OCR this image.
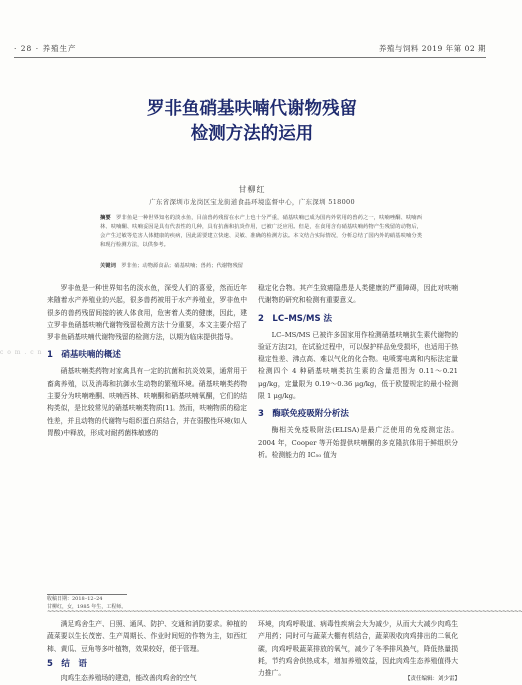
· 28 · 养殖生产	养殖与饲料 2019 年第 02 期
罗非鱼硝基呋喃代谢物残留
检测方法的运用
甘柳红
广东省深圳市龙岗区宝龙街道食品环境监督中心，广东深圳 518000
摘要　 罗非鱼是一种世界知名的淡水鱼，目前兽药残留在水产上也十分严重，硝基呋喃已成为国内外常用的兽药之一，呋喃唑酮、呋喃西林、呋喃酮、呋喃妥因是具有代表性的几种，具有抗菌和抗炎作用，已被广泛应用。但是，在食用含有硝基呋喃药物产生残留的动物后，会产生过敏等危害人体健康的疾病，因此需要建立快速、灵敏、准确的检测方法。本文结合实际情况，分析总结了国内外的硝基呋喃分类和现行检测方法，以供参考。
关键词　 罗非鱼；动物源食品；硝基呋喃；兽药；代谢物残留
c o m . c n

罗非鱼是一种世界知名的淡水鱼，深受人们的喜爱，然而近年来随着水产养殖业的兴起，很多兽药被用于水产养殖业，罗非鱼中很多的兽药残留间接的被人体食用，危害着人类的健康，因此，建立罗非鱼硝基呋喃代谢物残留检测方法十分重要，本文主要介绍了罗非鱼硝基呋喃代谢物残留的检测方法，以期为临床提供指导。

1　硝基呋喃的概述

硝基呋喃类药物对家禽具有一定的抗菌和抗炎效果，通常用于畜禽养殖，以及消毒和抗御水生动物的繁殖环境。硝基呋喃类药物主要分为呋喃唑酮、呋喃西林、呋喃酮和硝基呋喃氧酮，它们的结构类似，是比较常见的硝基呋喃类物质[1]。然而，呋喃物质的稳定性差，并且动物的代谢物与组织蛋白质结合，并在弱酸性环境(如人胃酸)中释放，形成对耐药菌株敏感的

稳定化合物。其产生致癌隐患是人类健康的严重障碍，因此对呋喃代谢物的研究和检测有重要意义。

2　LC–MS/MS 法

LC–MS/MS 已被许多国家用作检测硝基呋喃抗生素代谢物的验证方法[2]，在试验过程中，可以保护样品免受损坏，也适用于热稳定性差、沸点高、难以气化的化合物。电喷雾电离和内标法定量检测四个 4 种硝基呋喃类抗生素的含量范围为 0.11～0.21 μg/kg，定量限为 0.19～0.36 μg/kg，低于欧盟规定的最小检测限 1 μg/kg。

3　酶联免疫吸附分析法

酶相关免疫吸附法(ELISA)是最广泛使用的免疫测定法。2004 年，Cooper 等开始提供呋喃酮的多克隆抗体用于鲜组织分析。检测能力的 IC₅₀ 值为

收稿日期：2018–12–24
甘柳红，女，1985 年生，工程师。
~~~~~~~~~~~~~~~~~~~~~~~~~~~~~~~~~~~~~~~~~~~~~~~~~~~~~~~~~~~~~~~~~~~~~~~~~~~~~~~~~~~~~~~~~~~~~~~~~~~~~~~~~~~~~~~~~~~~~~

满足鸡舍生产、日照、通风、防护、交通和消防要求。种植的蔬菜要以生长茂密、生产周期长、作业时间短的作物为主，如西红柿、黄瓜、豆角等多叶植物，效果较好，便于管理。

5　结　语

肉鸡生态养殖场的建造，能改善肉鸡舍的空气

环境，肉鸡呼吸道、病毒性疾病会大为减少，从而大大减少肉鸡生产用药；同时可与蔬菜大棚有机结合，蔬菜吸收肉鸡排出的二氧化碳，肉鸡呼吸蔬菜排放的氧气，减少了冬季排风换气，降低热量损耗，节约鸡舍供热成本，增加养殖效益，因此肉鸡生态养殖值得大力推广。

【责任编辑：刘少雷】
